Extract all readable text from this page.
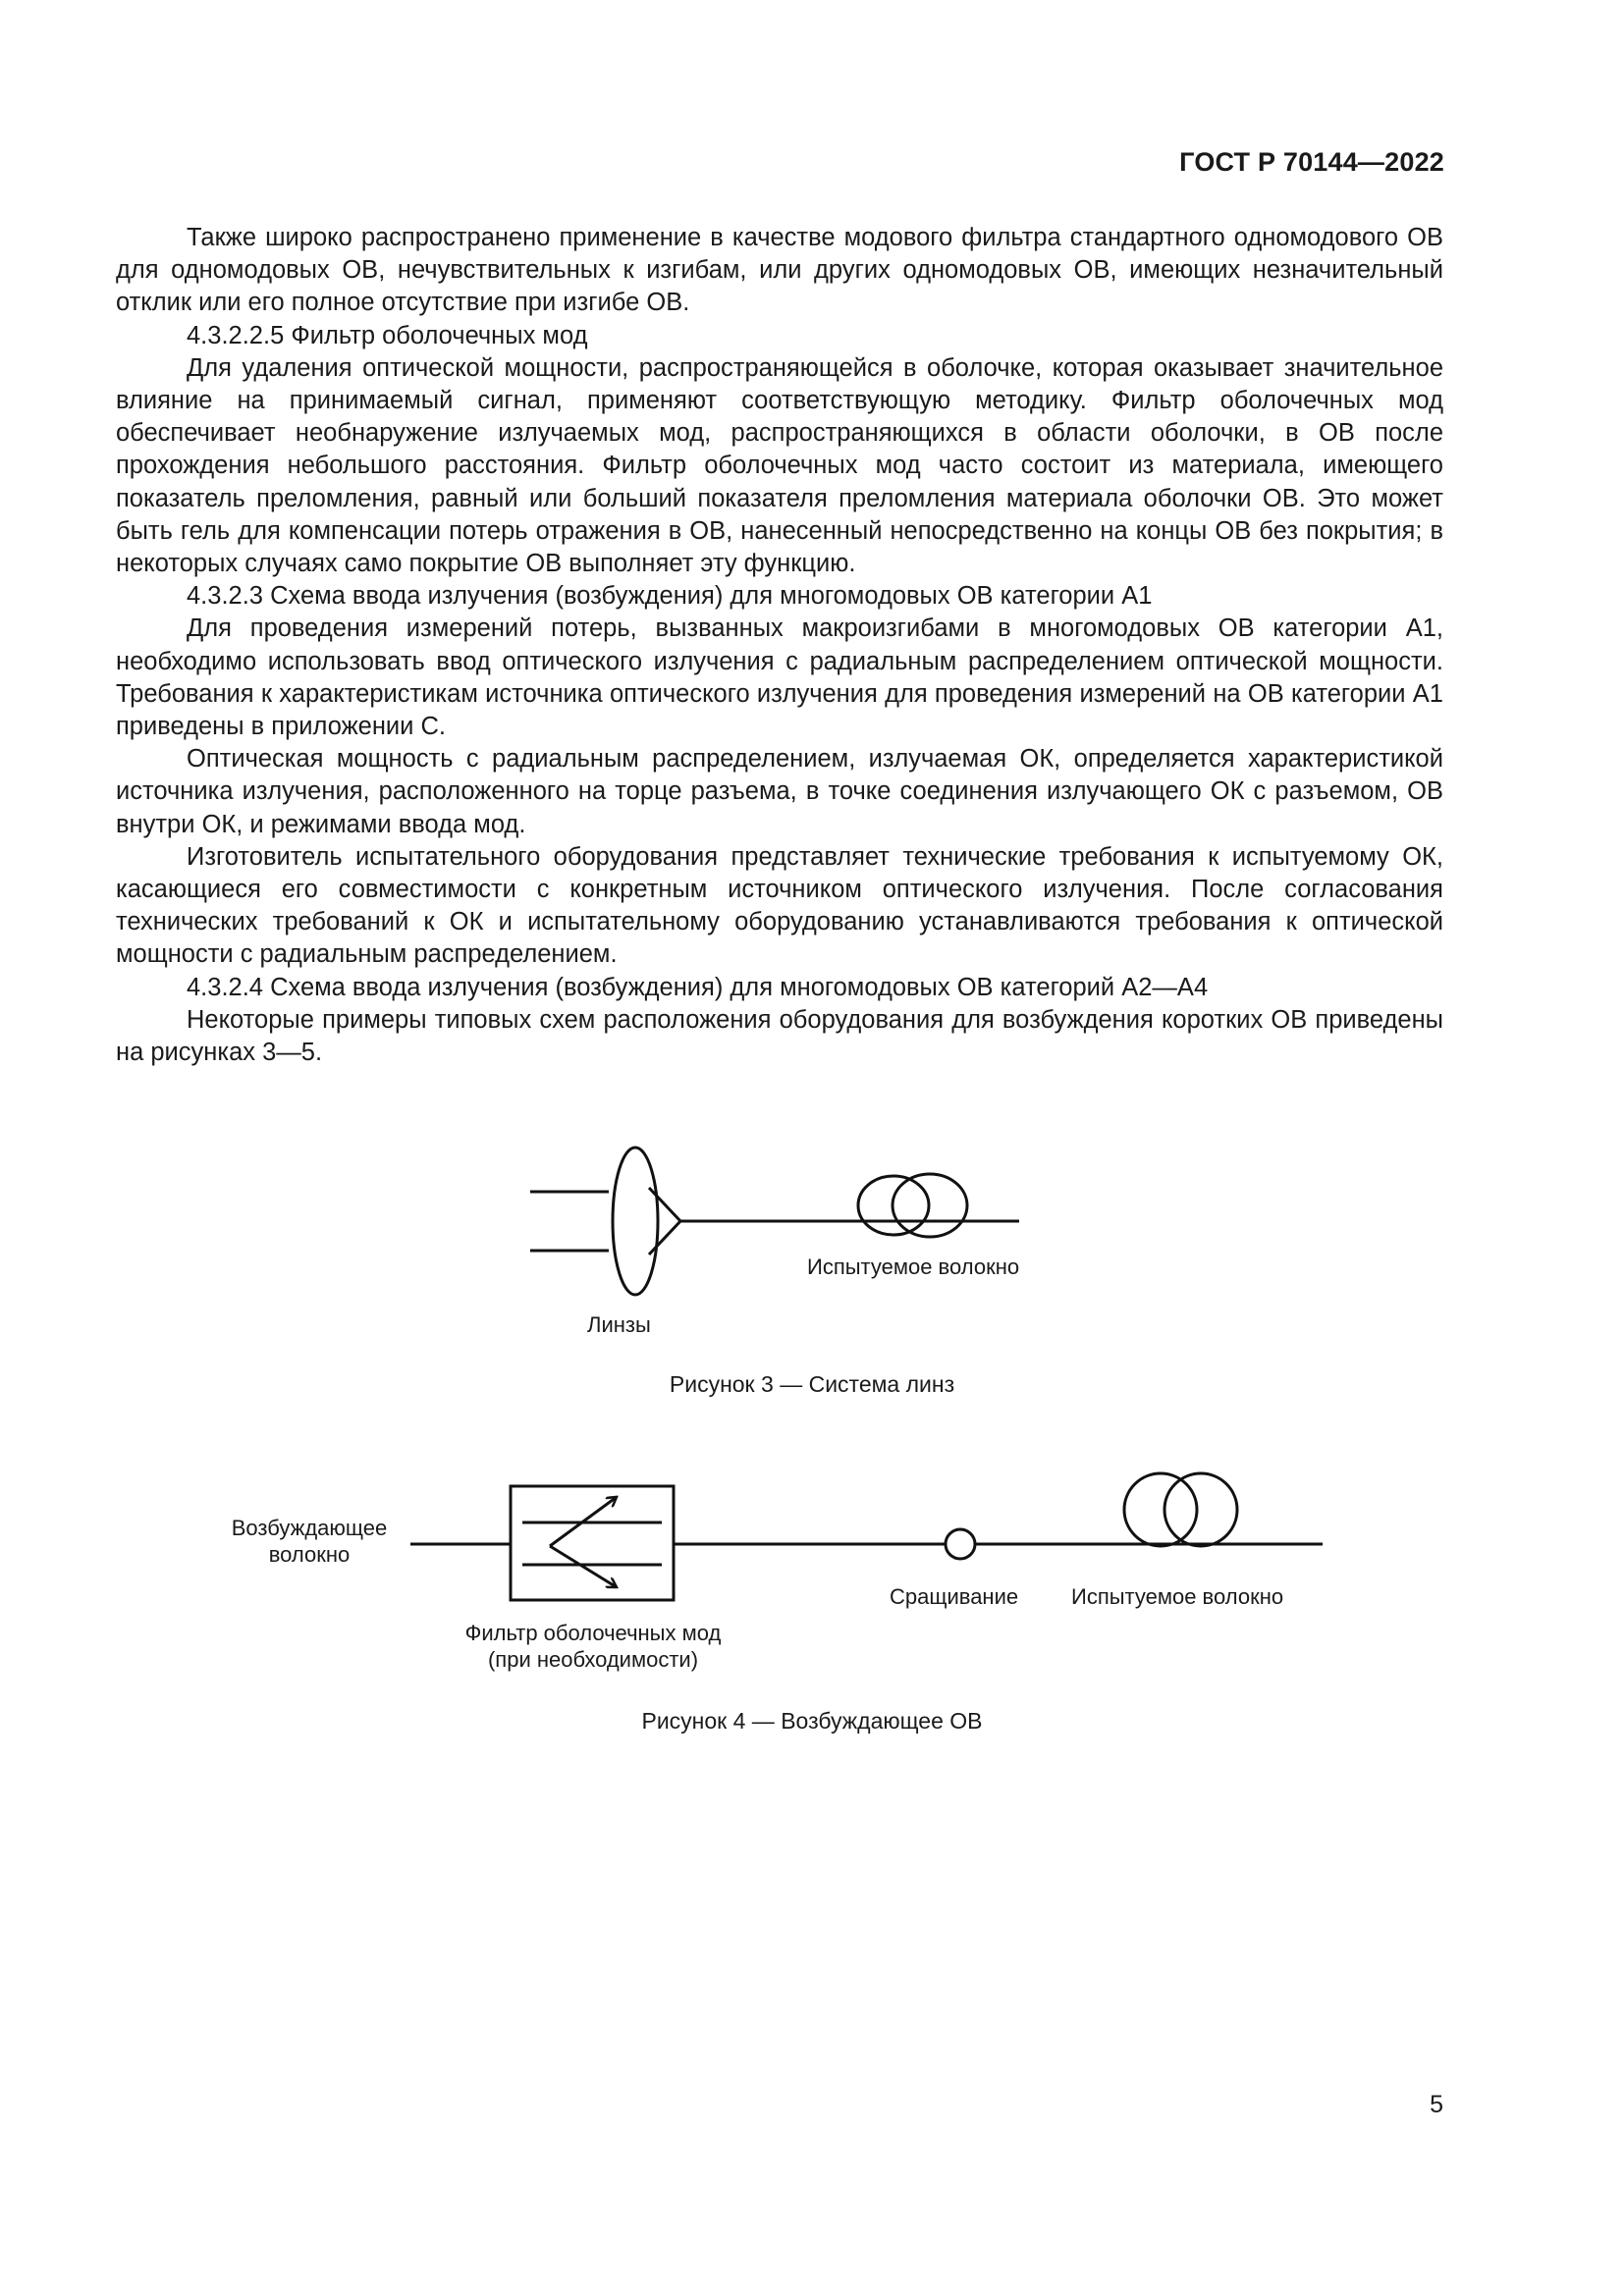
ГОСТ Р 70144—2022

Также широко распространено применение в качестве модового фильтра стандартного одномодового ОВ для одномодовых ОВ, нечувствительных к изгибам, или других одномодовых ОВ, имеющих незначительный отклик или его полное отсутствие при изгибе ОВ.

4.3.2.2.5 Фильтр оболочечных мод

Для удаления оптической мощности, распространяющейся в оболочке, которая оказывает значительное влияние на принимаемый сигнал, применяют соответствующую методику. Фильтр оболочечных мод обеспечивает необнаружение излучаемых мод, распространяющихся в области оболочки, в ОВ после прохождения небольшого расстояния. Фильтр оболочечных мод часто состоит из материала, имеющего показатель преломления, равный или больший показателя преломления материала оболочки ОВ. Это может быть гель для компенсации потерь отражения в ОВ, нанесенный непосредственно на концы ОВ без покрытия; в некоторых случаях само покрытие ОВ выполняет эту функцию.

4.3.2.3 Схема ввода излучения (возбуждения) для многомодовых ОВ категории А1

Для проведения измерений потерь, вызванных макроизгибами в многомодовых ОВ категории А1, необходимо использовать ввод оптического излучения с радиальным распределением оптической мощности. Требования к характеристикам источника оптического излучения для проведения измерений на ОВ категории А1 приведены в приложении С.

Оптическая мощность с радиальным распределением, излучаемая ОК, определяется характеристикой источника излучения, расположенного на торце разъема, в точке соединения излучающего ОК с разъемом, ОВ внутри ОК, и режимами ввода мод.

Изготовитель испытательного оборудования представляет технические требования к испытуемому ОК, касающиеся его совместимости с конкретным источником оптического излучения. После согласования технических требований к ОК и испытательному оборудованию устанавливаются требования к оптической мощности с радиальным распределением.

4.3.2.4 Схема ввода излучения (возбуждения) для многомодовых ОВ категорий А2—А4

Некоторые примеры типовых схем расположения оборудования для возбуждения коротких ОВ приведены на рисунках 3—5.

Испытуемое волокно
Линзы
Рисунок 3 — Система линз
Возбуждающее
волокно
Фильтр оболочечных мод
(при необходимости)
Сращивание Испытуемое волокно
Рисунок 4 — Возбуждающее ОВ
5
